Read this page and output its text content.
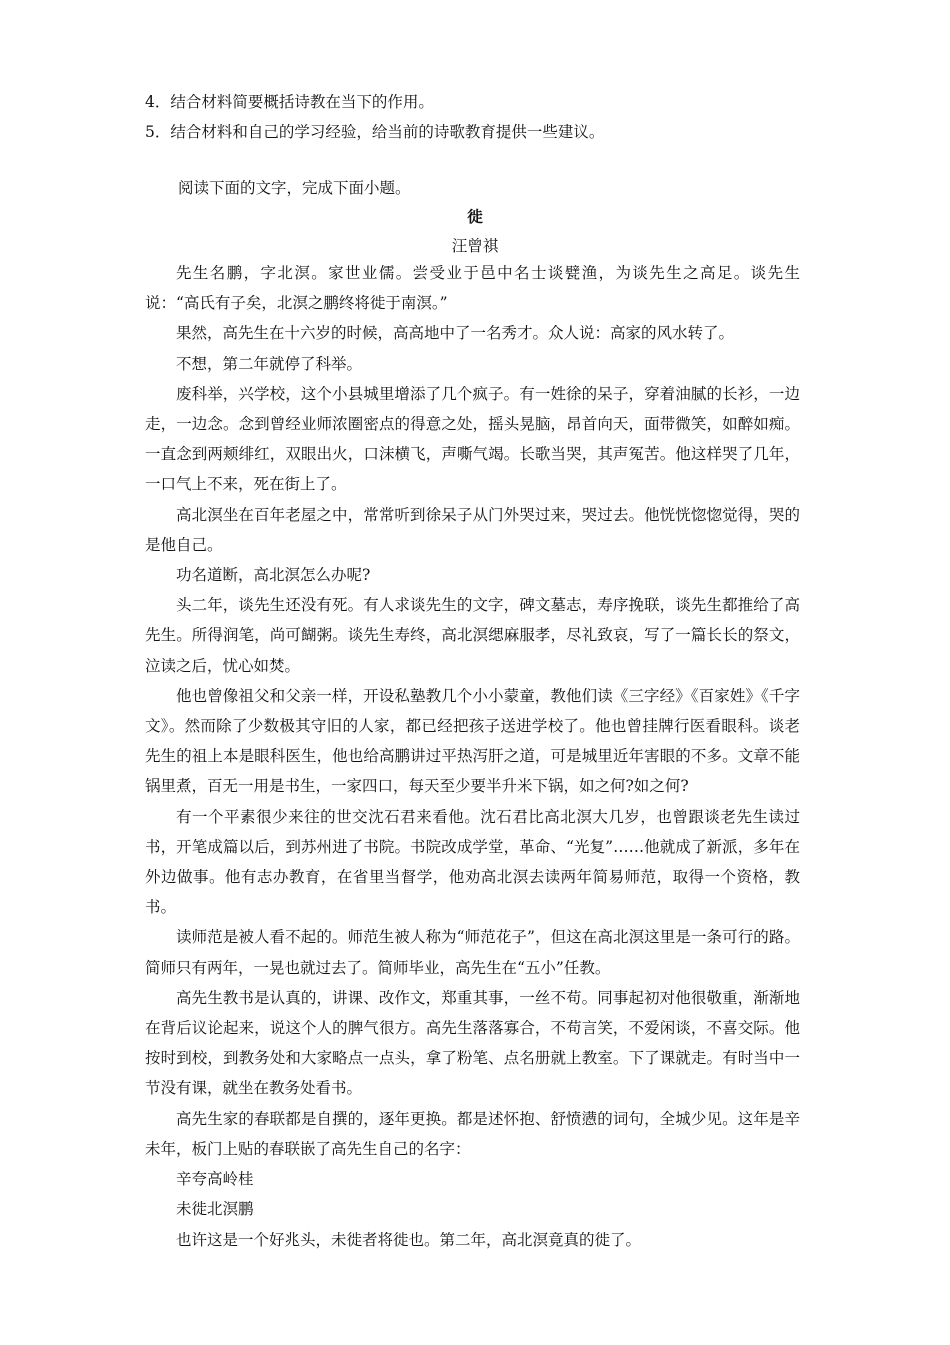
4．结合材料简要概括诗教在当下的作用。
5．结合材料和自己的学习经验，给当前的诗歌教育提供一些建议。
阅读下面的文字，完成下面小题。
徙
汪曾祺

先生名鹏，字北溟。家世业儒。尝受业于邑中名士谈甓渔，为谈先生之高足。谈先生说：“高氏有子矣，北溟之鹏终将徙于南溟。”

果然，高先生在十六岁的时候，高高地中了一名秀才。众人说：高家的风水转了。

不想，第二年就停了科举。

废科举，兴学校，这个小县城里增添了几个疯子。有一姓徐的呆子，穿着油腻的长衫，一边走，一边念。念到曾经业师浓圈密点的得意之处，摇头晃脑，昂首向天，面带微笑，如醉如痴。一直念到两颊绯红，双眼出火，口沫横飞，声嘶气竭。长歌当哭，其声冤苦。他这样哭了几年，一口气上不来，死在街上了。

高北溟坐在百年老屋之中，常常听到徐呆子从门外哭过来，哭过去。他恍恍惚惚觉得，哭的是他自己。

功名道断，高北溟怎么办呢?

头二年，谈先生还没有死。有人求谈先生的文字，碑文墓志，寿序挽联，谈先生都推给了高先生。所得润笔，尚可餬粥。谈先生寿终，高北溟缌麻服孝，尽礼致哀，写了一篇长长的祭文，泣读之后，忧心如焚。

他也曾像祖父和父亲一样，开设私塾教几个小小蒙童，教他们读《三字经》《百家姓》《千字文》。然而除了少数极其守旧的人家，都已经把孩子送进学校了。他也曾挂牌行医看眼科。谈老先生的祖上本是眼科医生，他也给高鹏讲过平热泻肝之道，可是城里近年害眼的不多。文章不能锅里煮，百无一用是书生，一家四口，每天至少要半升米下锅，如之何?如之何?

有一个平素很少来往的世交沈石君来看他。沈石君比高北溟大几岁，也曾跟谈老先生读过书，开笔成篇以后，到苏州进了书院。书院改成学堂，革命、“光复”……他就成了新派，多年在外边做事。他有志办教育，在省里当督学，他劝高北溟去读两年简易师范，取得一个资格，教书。

读师范是被人看不起的。师范生被人称为“师范花子”，但这在高北溟这里是一条可行的路。简师只有两年，一晃也就过去了。简师毕业，高先生在“五小”任教。

高先生教书是认真的，讲课、改作文，郑重其事，一丝不苟。同事起初对他很敬重，渐渐地在背后议论起来，说这个人的脾气很方。高先生落落寡合，不苟言笑，不爱闲谈，不喜交际。他按时到校，到教务处和大家略点一点头，拿了粉笔、点名册就上教室。下了课就走。有时当中一节没有课，就坐在教务处看书。

高先生家的春联都是自撰的，逐年更换。都是述怀抱、舒愤懑的词句，全城少见。这年是辛未年，板门上贴的春联嵌了高先生自己的名字：

辛夸高岭桂

未徙北溟鹏

也许这是一个好兆头，未徙者将徙也。第二年，高北溟竟真的徙了。
